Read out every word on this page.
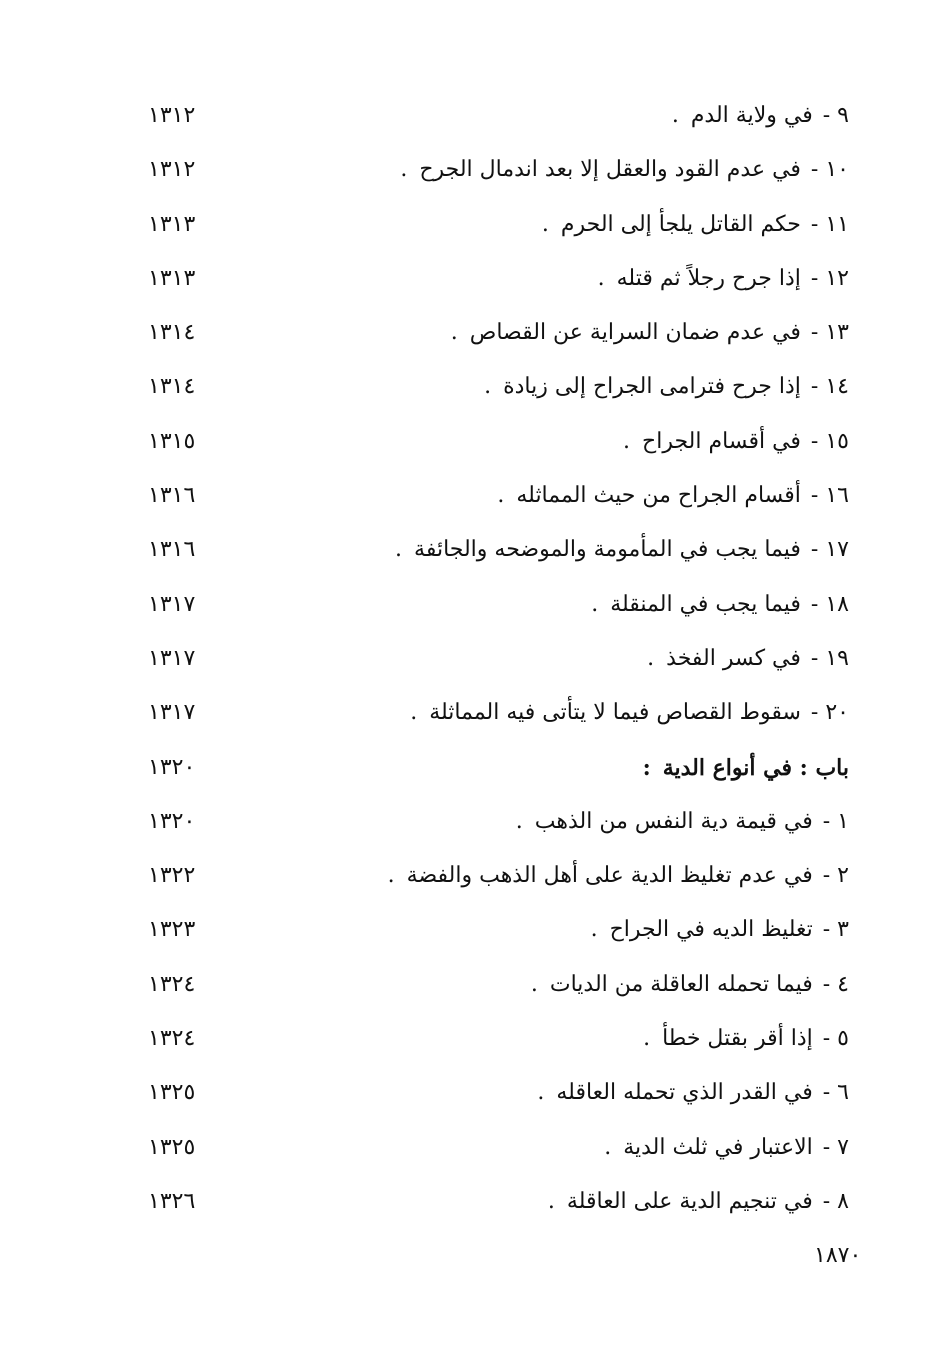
٩ -في ولاية الدم.
١٣١٢
١٠ -في عدم القود والعقل إلا بعد اندمال الجرح.
١٣١٢
١١ -حكم القاتل يلجأ إلى الحرم.
١٣١٣
١٢ -إذا جرح رجلاً ثم قتله.
١٣١٣
١٣ -في عدم ضمان السراية عن القصاص.
١٣١٤
١٤ -إذا جرح فترامى الجراح إلى زيادة.
١٣١٤
١٥ -في أقسام الجراح.
١٣١٥
١٦ -أقسام الجراح من حيث المماثله.
١٣١٦
١٧ -فيما يجب في المأمومة والموضحه والجائفة.
١٣١٦
١٨ -فيما يجب في المنقلة.
١٣١٧
١٩ -في كسر الفخذ.
١٣١٧
٢٠ -سقوط القصاص فيما لا يتأتى فيه المماثلة.
١٣١٧
باب : في أنواع الدية:
١٣٢٠
١ -في قيمة دية النفس من الذهب.
١٣٢٠
٢ -في عدم تغليظ الدية على أهل الذهب والفضة.
١٣٢٢
٣ -تغليظ الديه في الجراح.
١٣٢٣
٤ -فيما تحمله العاقلة من الديات.
١٣٢٤
٥ -إذا أقر بقتل خطأ.
١٣٢٤
٦ -في القدر الذي تحمله العاقله.
١٣٢٥
٧ -الاعتبار في ثلث الدية.
١٣٢٥
٨ -في تنجيم الدية على العاقلة.
١٣٢٦
١٨٧٠
